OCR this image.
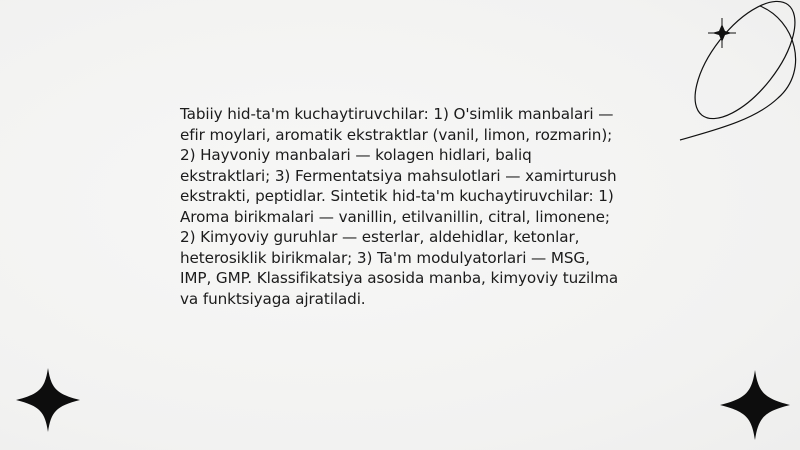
Tabiiy hid-ta'm kuchaytiruvchilar: 1) O'simlik manbalari — efir moylari, aromatik ekstraktlar (vanil, limon, rozmarin); 2) Hayvoniy manbalari — kolagen hidlari, baliq ekstraktlari; 3) Fermentatsiya mahsulotlari — xamirturush ekstrakti, peptidlar. Sintetik hid-ta'm kuchaytiruvchilar: 1) Aroma birikmalari — vanillin, etilvanillin, citral, limonene; 2) Kimyoviy guruhlar — esterlar, aldehidlar, ketonlar, heterosiklik birikmalar; 3) Ta'm modulyatorlari — MSG, IMP, GMP. Klassifikatsiya asosida manba, kimyoviy tuzilma va funktsiyaga ajratiladi.
